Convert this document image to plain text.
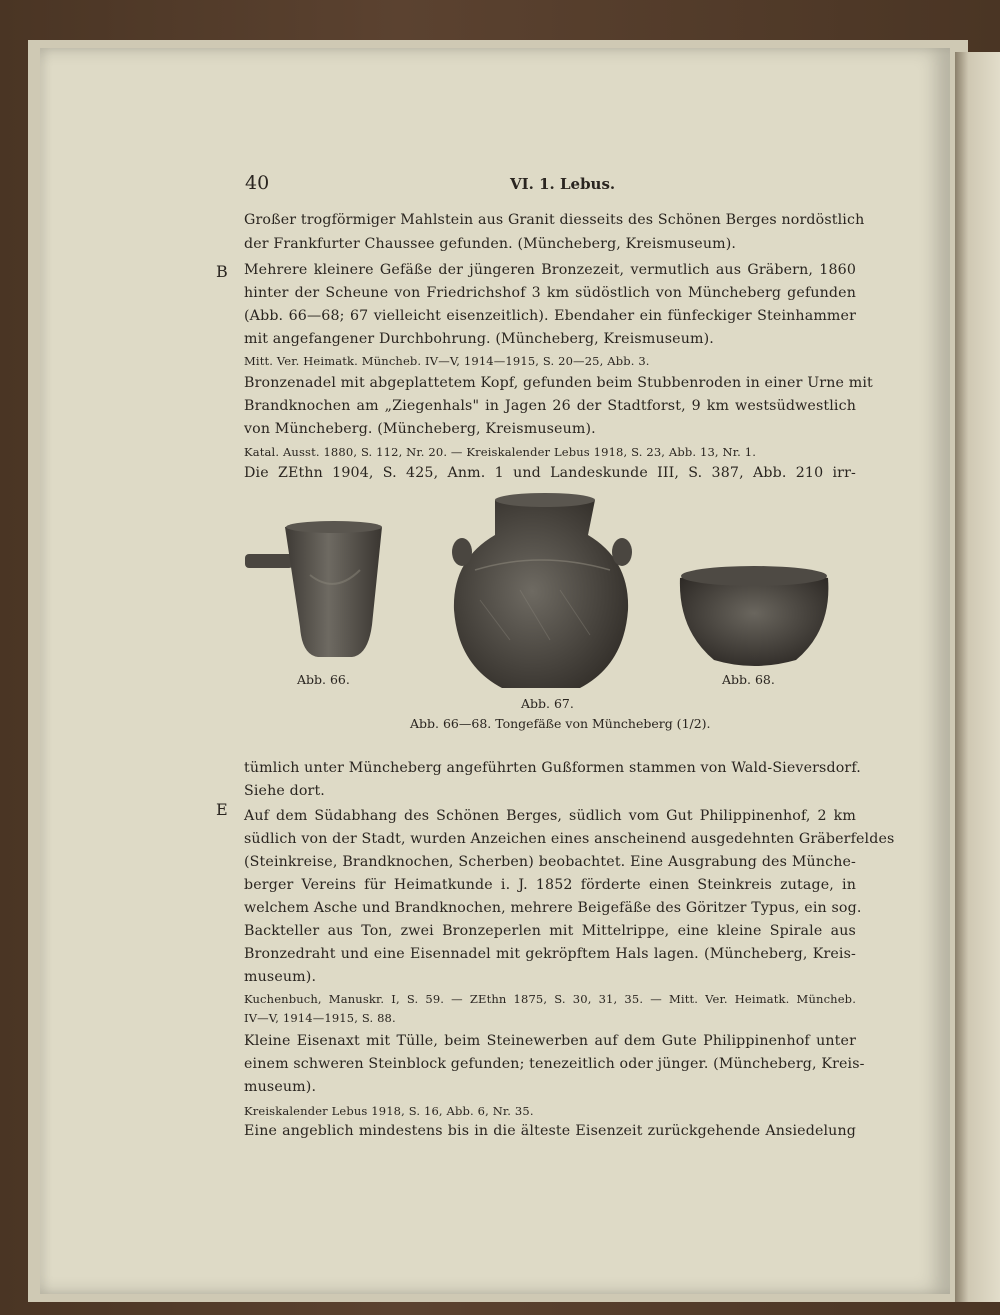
40	VI. 1. Lebus.
B
E
Großer trogförmiger Mahlstein aus Granit diesseits des Schönen Berges nordöstlich
der Frankfurter Chaussee gefunden. (Müncheberg, Kreismuseum).
Mehrere kleinere Gefäße der jüngeren Bronzezeit, vermutlich aus Gräbern, 1860
hinter der Scheune von Friedrichshof 3 km südöstlich von Müncheberg gefunden
(Abb. 66—68; 67 vielleicht eisenzeitlich). Ebendaher ein fünfeckiger Steinhammer
mit angefangener Durchbohrung. (Müncheberg, Kreismuseum).
Mitt. Ver. Heimatk. Müncheb. IV—V, 1914—1915, S. 20—25, Abb. 3.
Bronzenadel mit abgeplattetem Kopf, gefunden beim Stubbenroden in einer Urne mit
Brandknochen am „Ziegenhals" in Jagen 26 der Stadtforst, 9 km westsüdwestlich
von Müncheberg. (Müncheberg, Kreismuseum).
Katal. Ausst. 1880, S. 112, Nr. 20. — Kreiskalender Lebus 1918, S. 23, Abb. 13, Nr. 1.
Die ZEthn 1904, S. 425, Anm. 1 und Landeskunde III, S. 387, Abb. 210 irr-
tümlich unter Müncheberg angeführten Gußformen stammen von Wald-Sieversdorf.
Siehe dort.
Auf dem Südabhang des Schönen Berges, südlich vom Gut Philippinenhof, 2 km
südlich von der Stadt, wurden Anzeichen eines anscheinend ausgedehnten Gräberfeldes
(Steinkreise, Brandknochen, Scherben) beobachtet. Eine Ausgrabung des Münche-
berger Vereins für Heimatkunde i. J. 1852 förderte einen Steinkreis zutage, in
welchem Asche und Brandknochen, mehrere Beigefäße des Göritzer Typus, ein sog.
Backteller aus Ton, zwei Bronzeperlen mit Mittelrippe, eine kleine Spirale aus
Bronzedraht und eine Eisennadel mit gekröpftem Hals lagen. (Müncheberg, Kreis-
museum).
Kuchenbuch, Manuskr. I, S. 59. — ZEthn 1875, S. 30, 31, 35. — Mitt. Ver. Heimatk. Müncheb.
IV—V, 1914—1915, S. 88.
Kleine Eisenaxt mit Tülle, beim Steinewerben auf dem Gute Philippinenhof unter
einem schweren Steinblock gefunden; tenezeitlich oder jünger. (Müncheberg, Kreis-
museum).
Kreiskalender Lebus 1918, S. 16, Abb. 6, Nr. 35.
Eine angeblich mindestens bis in die älteste Eisenzeit zurückgehende Ansiedelung
Abb. 66.
Abb. 67.
Abb. 68.
Abb. 66—68. Tongefäße von Müncheberg (1/2).
